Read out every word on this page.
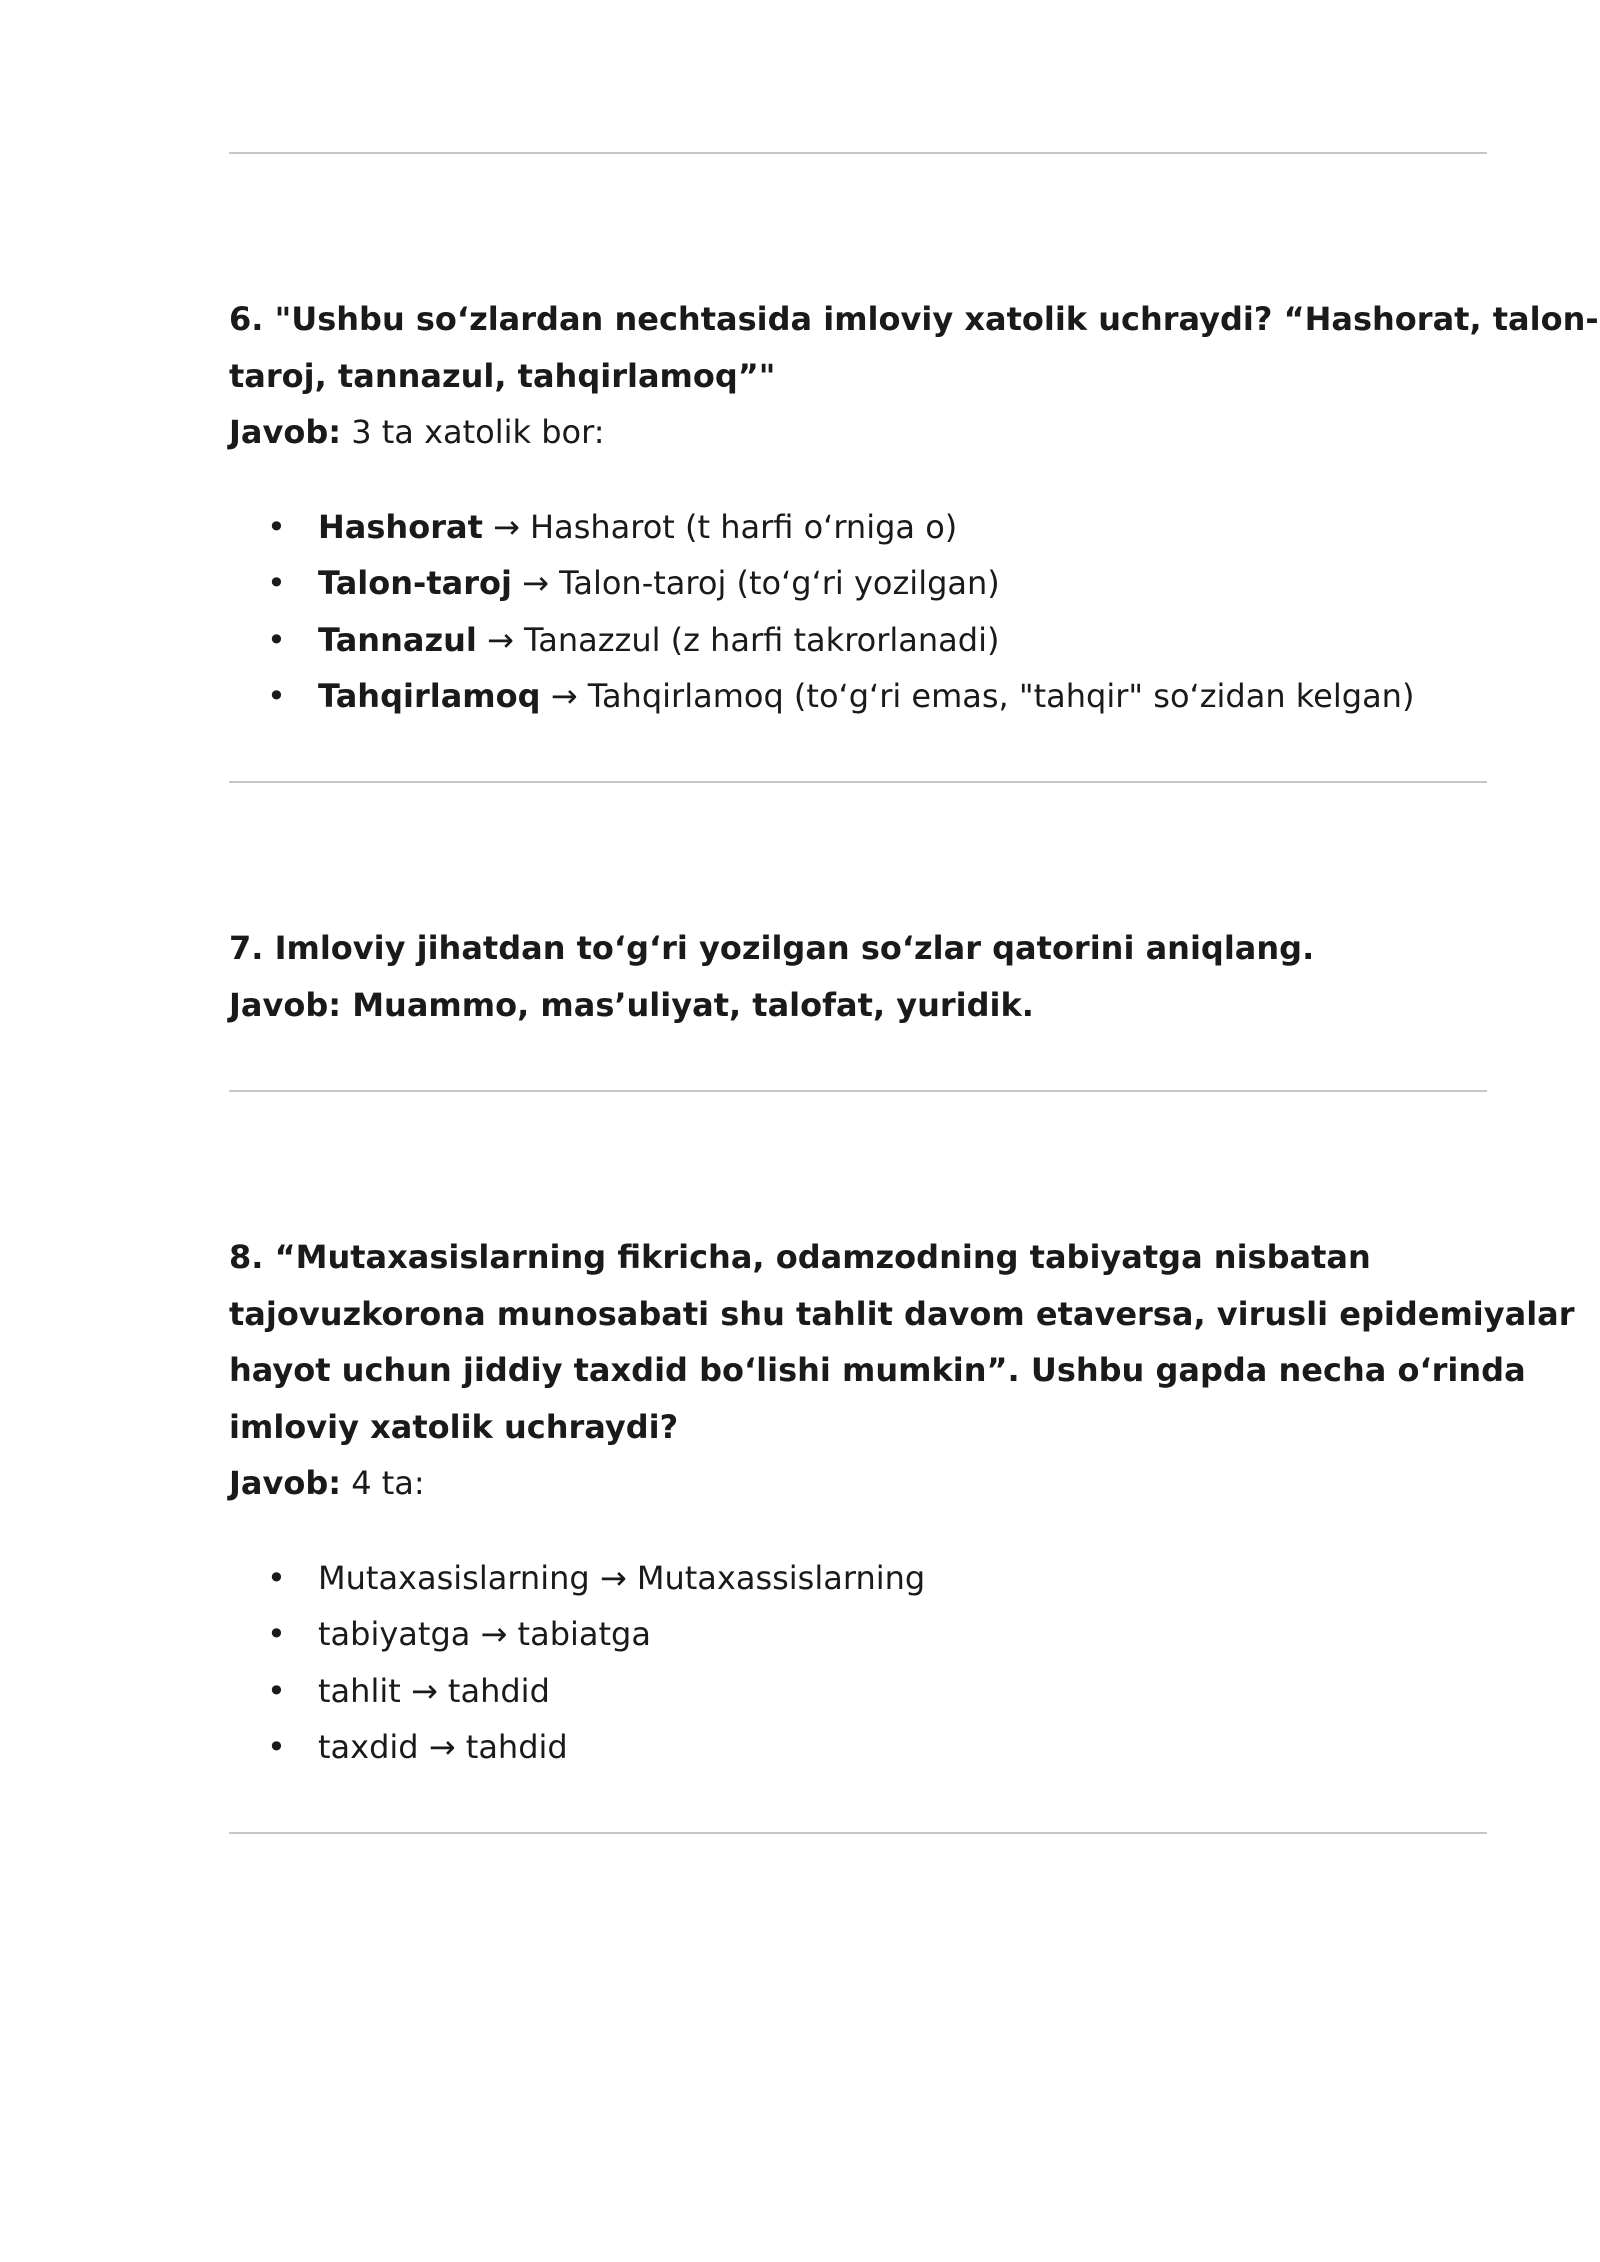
6. "Ushbu so‘zlardan nechtasida imloviy xatolik uchraydi? “Hashorat, talon-
taroj, tannazul, tahqirlamoq”"
Javob: 3 ta xatolik bor:
• Hashorat → Hasharot (t harfi o‘rniga o)
• Talon-taroj → Talon-taroj (to‘g‘ri yozilgan)
• Tannazul → Tanazzul (z harfi takrorlanadi)
• Tahqirlamoq → Tahqirlamoq (to‘g‘ri emas, "tahqir" so‘zidan kelgan)
7. Imloviy jihatdan to‘g‘ri yozilgan so‘zlar qatorini aniqlang.
Javob: Muammo, mas’uliyat, talofat, yuridik.
8. “Mutaxasislarning fikricha, odamzodning tabiyatga nisbatan
tajovuzkorona munosabati shu tahlit davom etaversa, virusli epidemiyalar
hayot uchun jiddiy taxdid bo‘lishi mumkin”. Ushbu gapda necha o‘rinda
imloviy xatolik uchraydi?
Javob: 4 ta:
• Mutaxasislarning → Mutaxassislarning
• tabiyatga → tabiatga
• tahlit → tahdid
• taxdid → tahdid
